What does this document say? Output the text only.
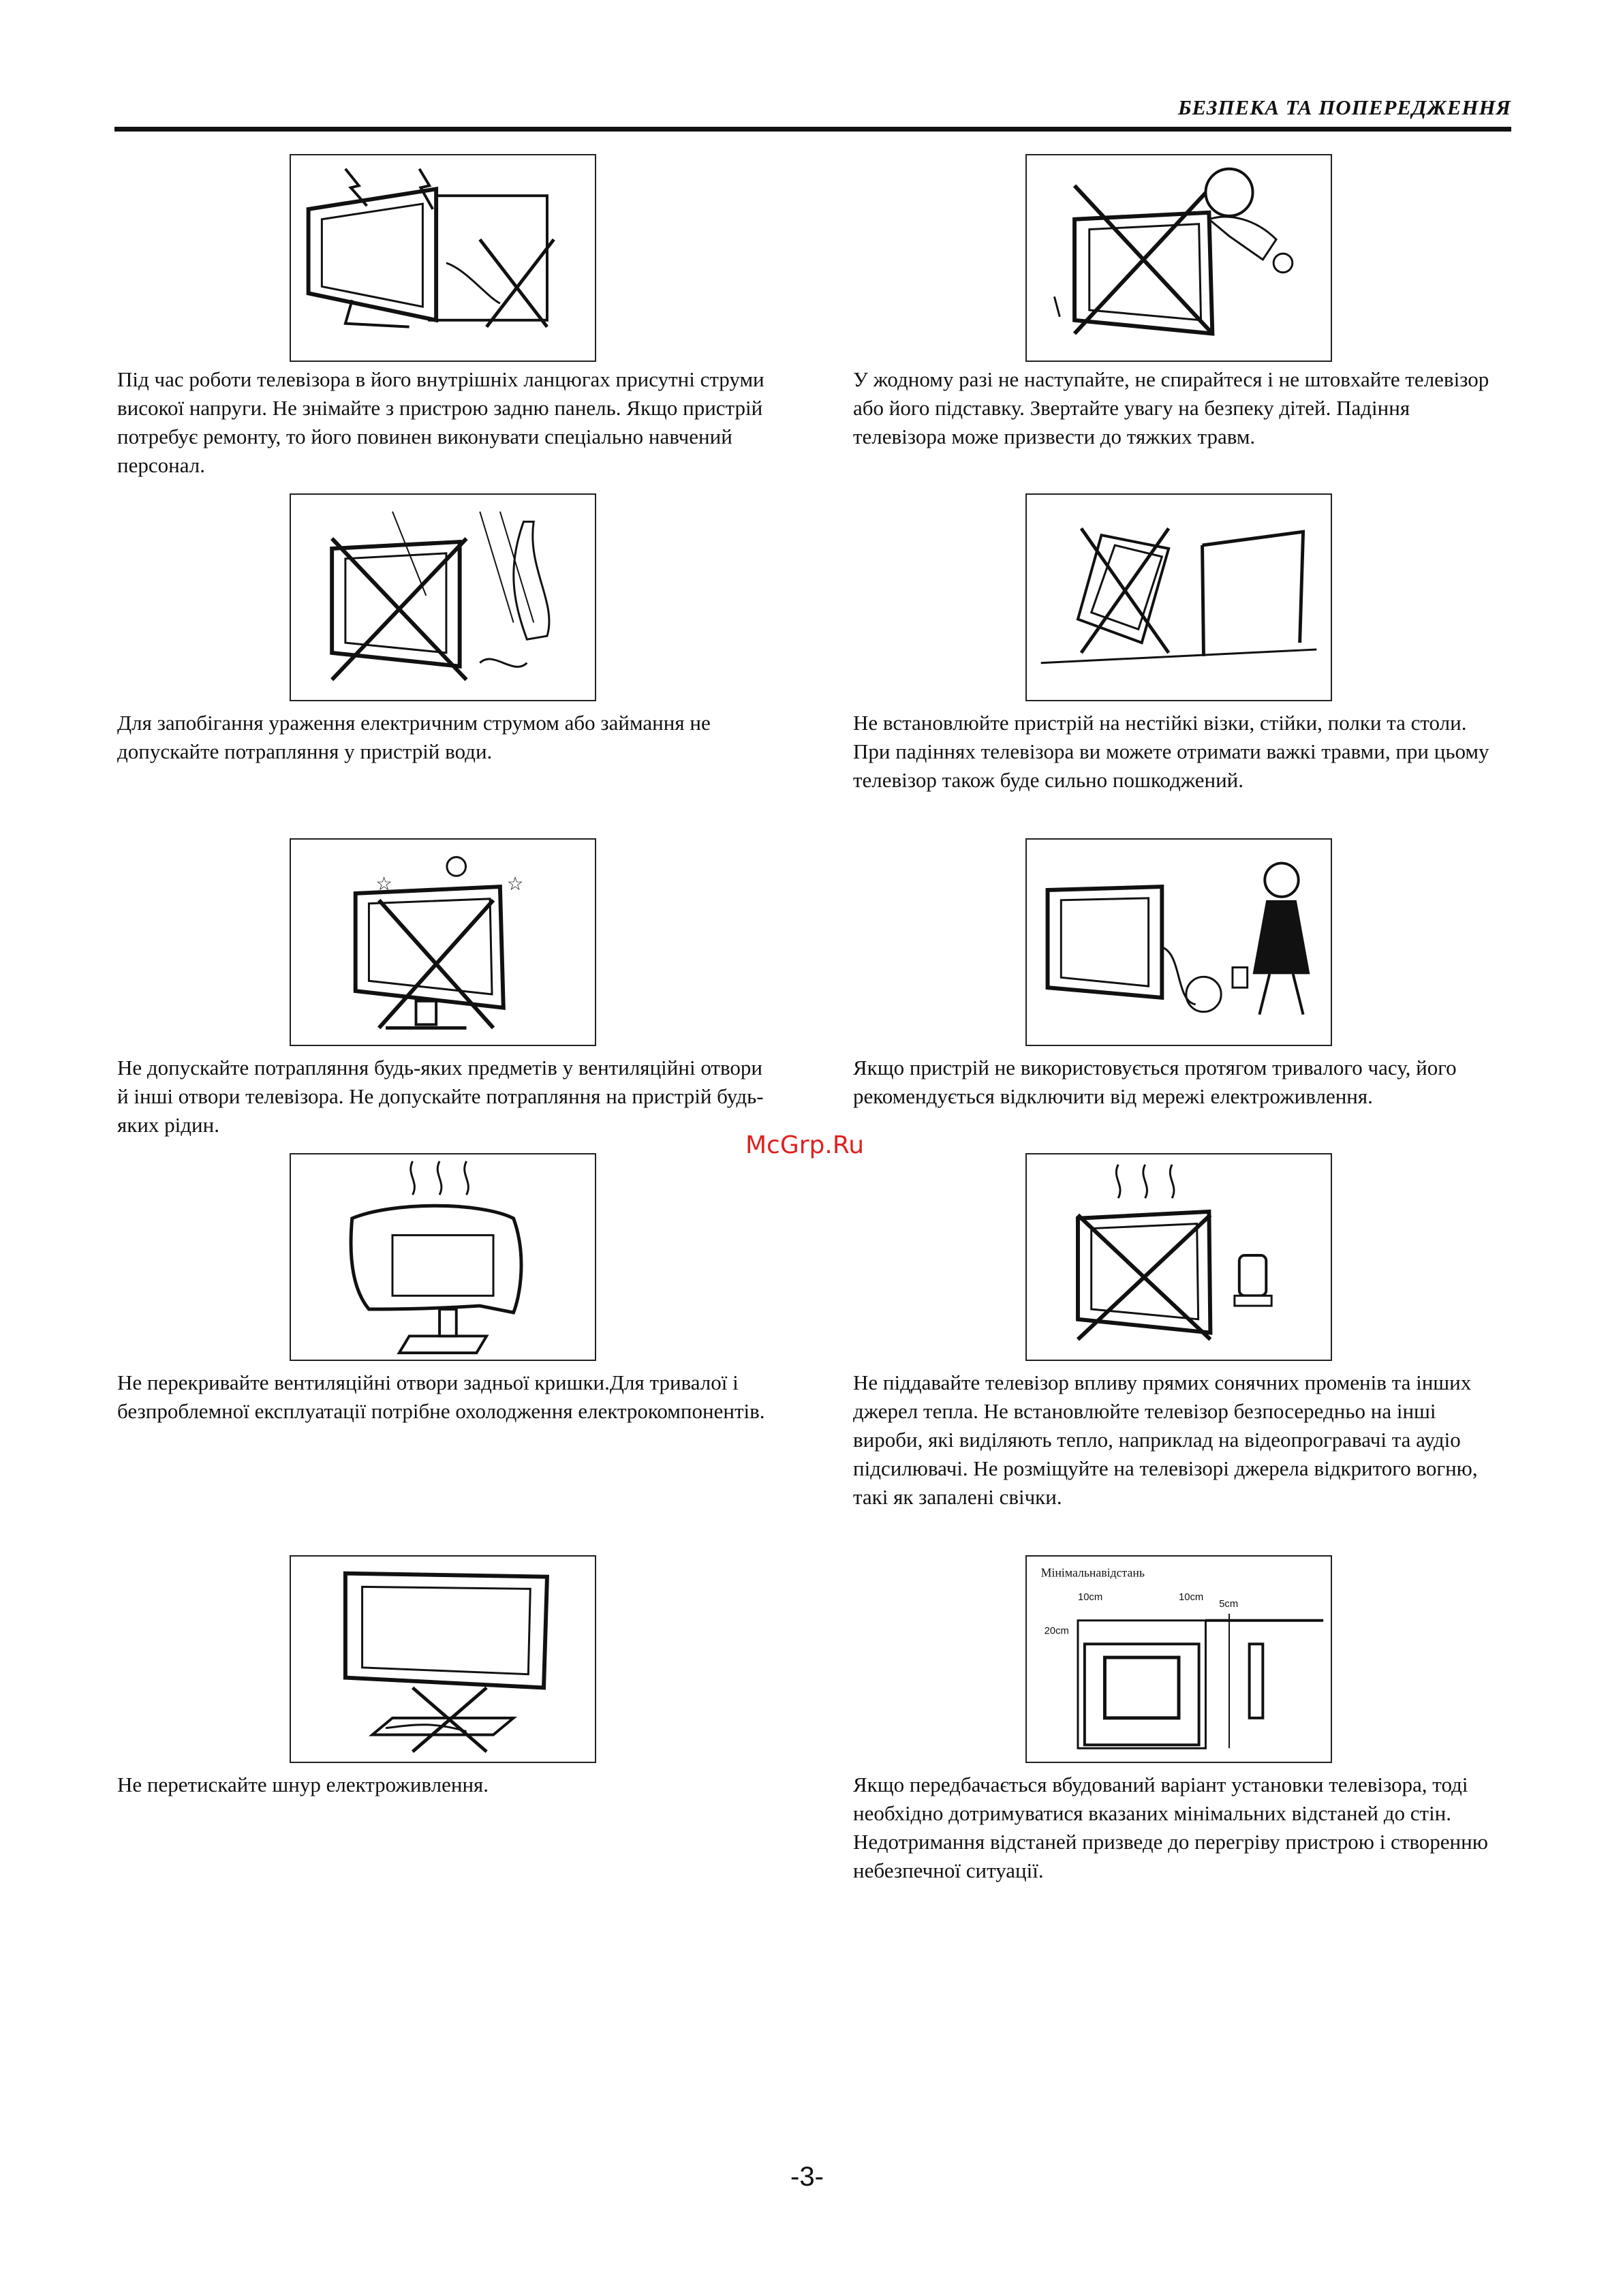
БЕЗПЕКА ТА ПОПЕРЕДЖЕННЯ

Під час роботи телевізора в його внутрішніх ланцюгах присутні струми високої напруги. Не знімайте з пристрою задню панель. Якщо пристрій потребує ремонту, то його повинен виконувати спеціально навчений персонал.

У жодному разі не наступайте, не спирайтеся і не штовхайте телевізор або його підставку. Звертайте увагу на безпеку дітей. Падіння телевізора може призвести до тяжких травм.

Для запобігання ураження електричним струмом або займання не допускайте потрапляння у пристрій води.

Не встановлюйте пристрій на нестійкі візки, стійки, полки та столи. При падіннях телевізора ви можете отримати важкі травми, при цьому телевізор також буде сильно пошкоджений.

☆	☆

Не допускайте потрапляння будь-яких предметів у вентиляційні отвори й інші отвори телевізора. Не допускайте потрапляння на пристрій будь-яких рідин.

Якщо пристрій не використовується протягом тривалого часу, його рекомендується відключити від мережі електроживлення.

McGrp.Ru

Не перекривайте вентиляційні отвори задньої кришки.Для тривалої і безпроблемної експлуатації потрібне охолодження електрокомпонентів.

Не піддавайте телевізор впливу прямих сонячних променів та інших джерел тепла. Не встановлюйте телевізор безпосередньо на інші вироби, які виділяють тепло, наприклад на відеопрогравачі та аудіо підсилювачі. Не розміщуйте на телевізорі джерела відкритого вогню, такі як запалені свічки.

Не перетискайте шнур електроживлення.

Мінімальнавідстань
10cm	10cm
5cm
20cm

Якщо передбачається вбудований варіант установки телевізора, тоді необхідно дотримуватися вказаних мінімальних відстаней до стін. Недотримання відстаней призведе до перегріву пристрою і створенню небезпечної ситуації.

-3-
